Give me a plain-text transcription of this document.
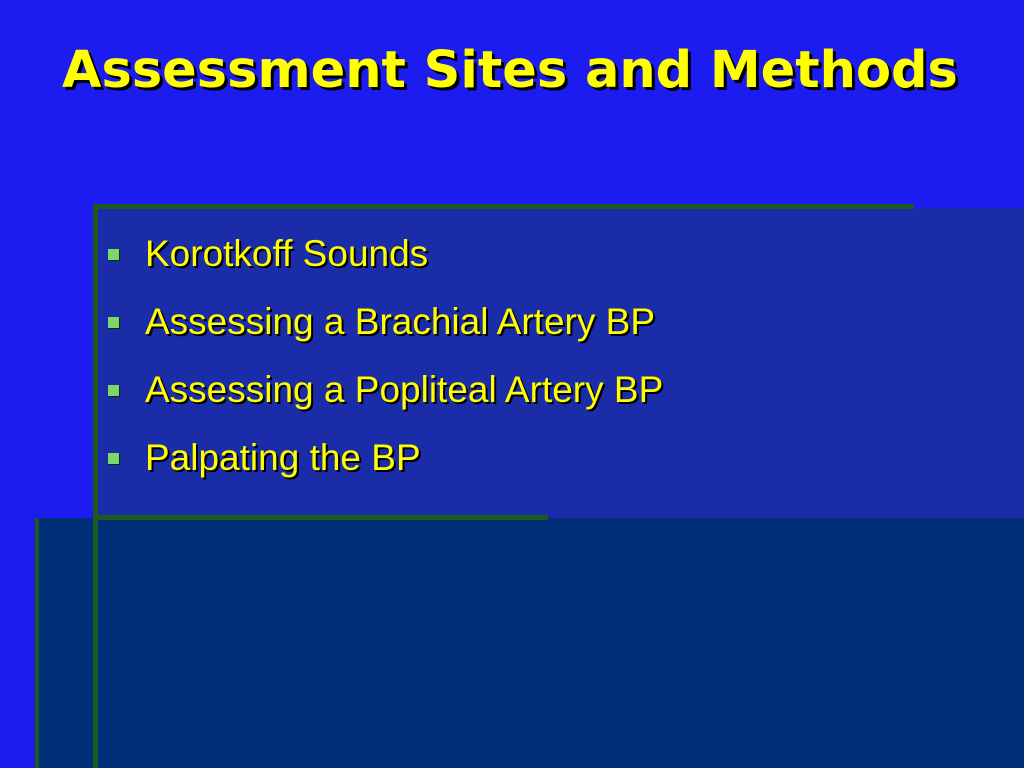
Assessment Sites and Methods
Korotkoff Sounds
Assessing a Brachial Artery BP
Assessing a Popliteal Artery BP
Palpating the BP
